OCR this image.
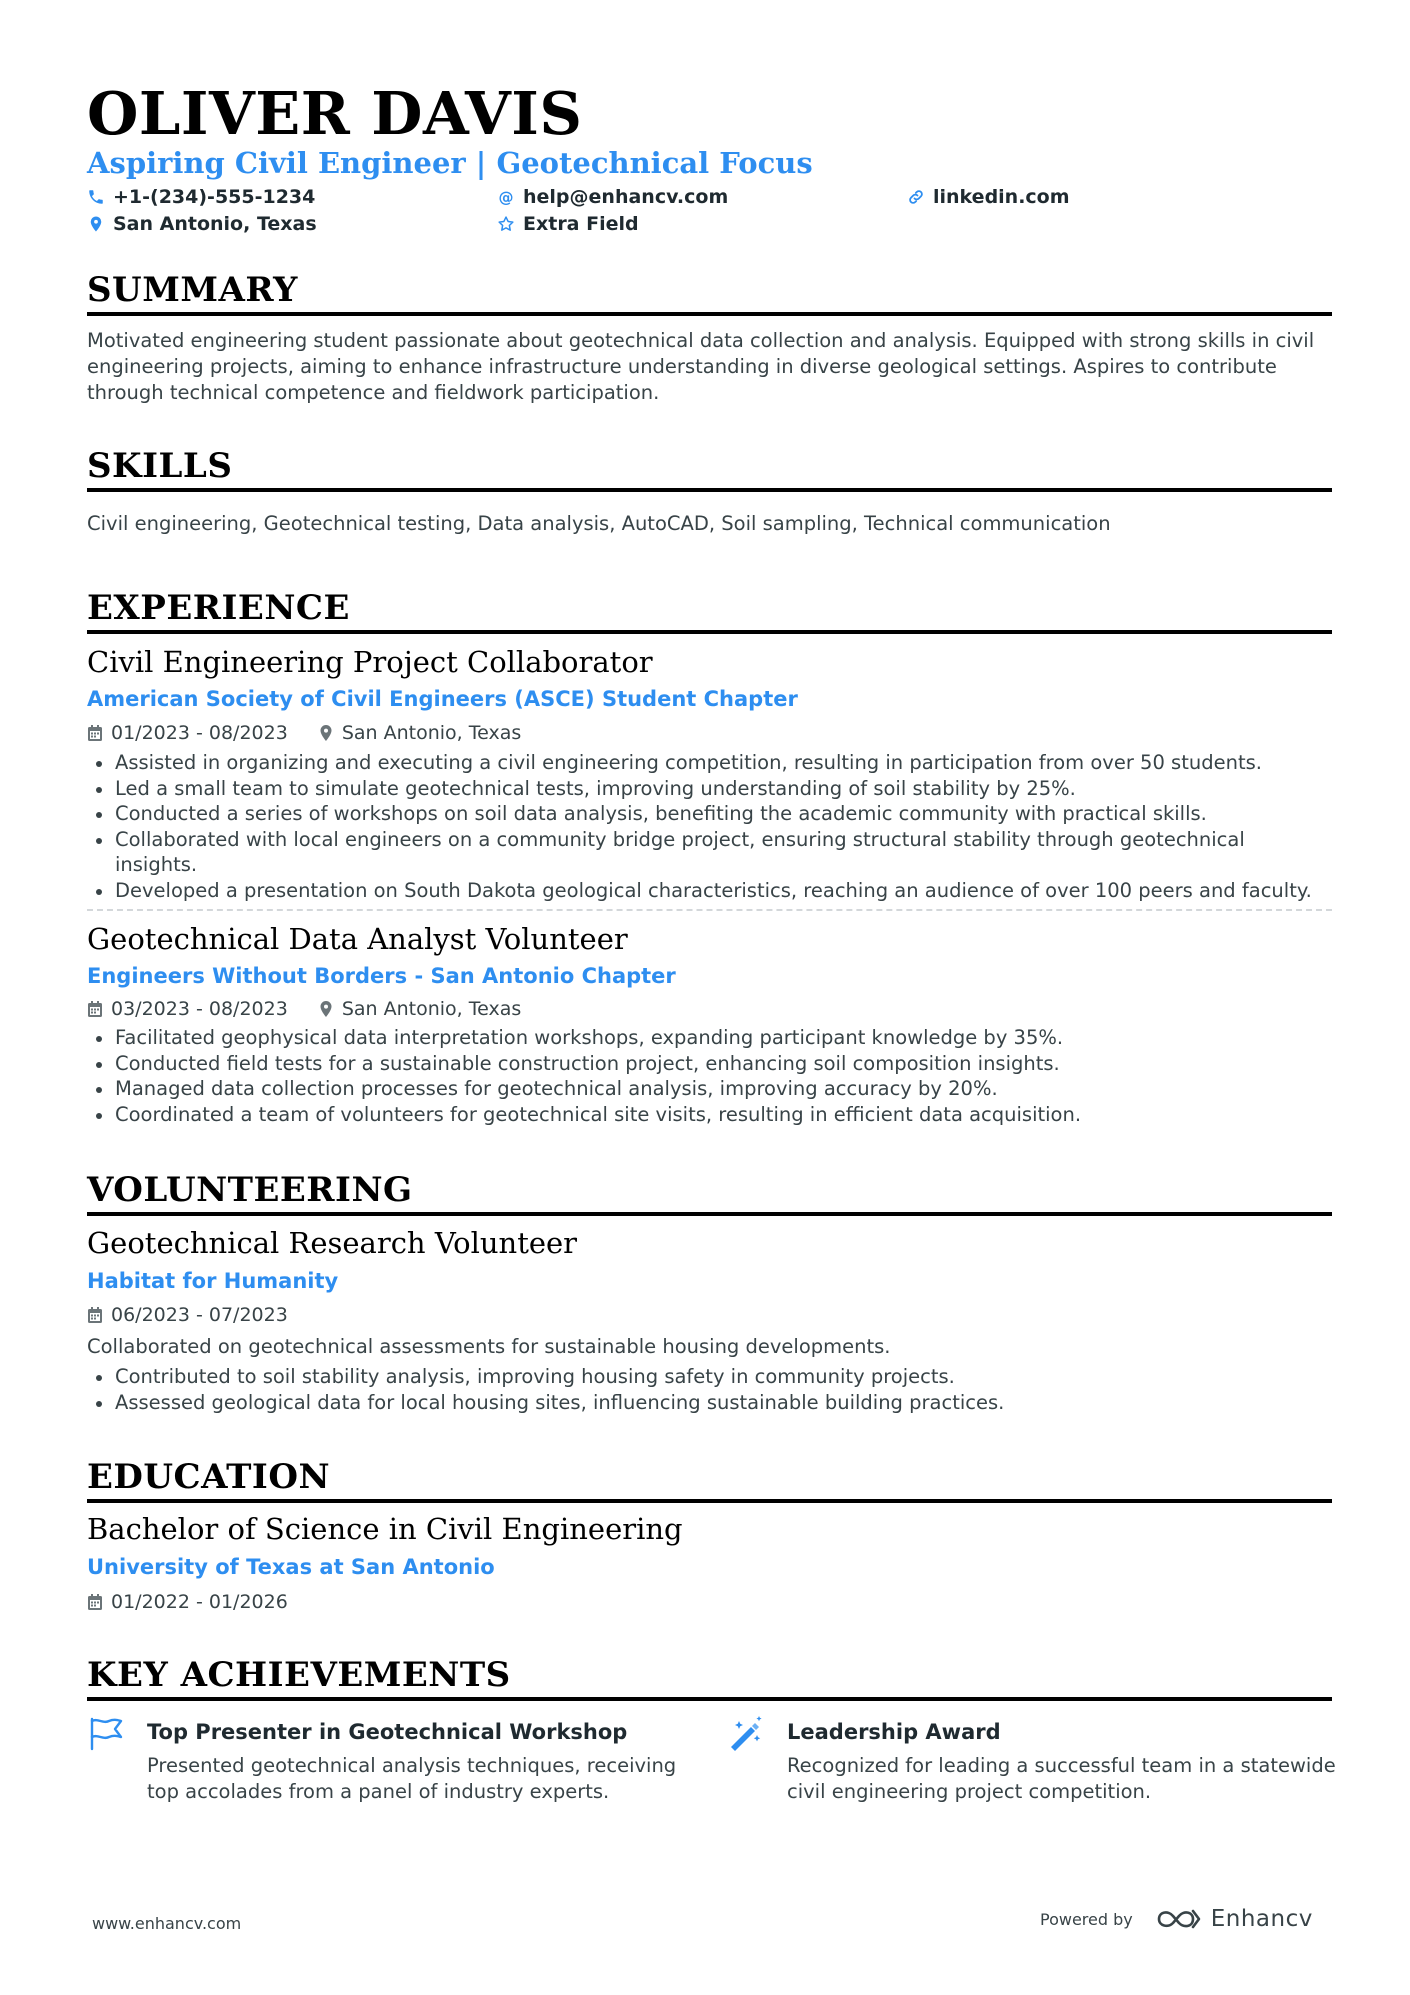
OLIVER DAVIS
Aspiring Civil Engineer | Geotechnical Focus
+1-(234)-555-1234	@ help@enhancv.com	linkedin.com
San Antonio, Texas	Extra Field
SUMMARY

Motivated engineering student passionate about geotechnical data collection and analysis. Equipped with strong skills in civil engineering projects, aiming to enhance infrastructure understanding in diverse geological settings. Aspires to contribute through technical competence and fieldwork participation.

SKILLS

Civil engineering, Geotechnical testing, Data analysis, AutoCAD, Soil sampling, Technical communication

EXPERIENCE
Civil Engineering Project Collaborator
American Society of Civil Engineers (ASCE) Student Chapter
01/2023 - 08/2023	San Antonio, Texas
Assisted in organizing and executing a civil engineering competition, resulting in participation from over 50 students.
Led a small team to simulate geotechnical tests, improving understanding of soil stability by 25%.
Conducted a series of workshops on soil data analysis, benefiting the academic community with practical skills.
Collaborated with local engineers on a community bridge project, ensuring structural stability through geotechnical insights.
Developed a presentation on South Dakota geological characteristics, reaching an audience of over 100 peers and faculty.
Geotechnical Data Analyst Volunteer
Engineers Without Borders - San Antonio Chapter
03/2023 - 08/2023	San Antonio, Texas
Facilitated geophysical data interpretation workshops, expanding participant knowledge by 35%.
Conducted field tests for a sustainable construction project, enhancing soil composition insights.
Managed data collection processes for geotechnical analysis, improving accuracy by 20%.
Coordinated a team of volunteers for geotechnical site visits, resulting in efficient data acquisition.
VOLUNTEERING
Geotechnical Research Volunteer
Habitat for Humanity
06/2023 - 07/2023

Collaborated on geotechnical assessments for sustainable housing developments.

Contributed to soil stability analysis, improving housing safety in community projects.
Assessed geological data for local housing sites, influencing sustainable building practices.
EDUCATION
Bachelor of Science in Civil Engineering
University of Texas at San Antonio
01/2022 - 01/2026
KEY ACHIEVEMENTS
Top Presenter in Geotechnical Workshop

Presented geotechnical analysis techniques, receiving top accolades from a panel of industry experts.

Leadership Award

Recognized for leading a successful team in a statewide civil engineering project competition.

www.enhancv.com	Powered by	Enhancv
